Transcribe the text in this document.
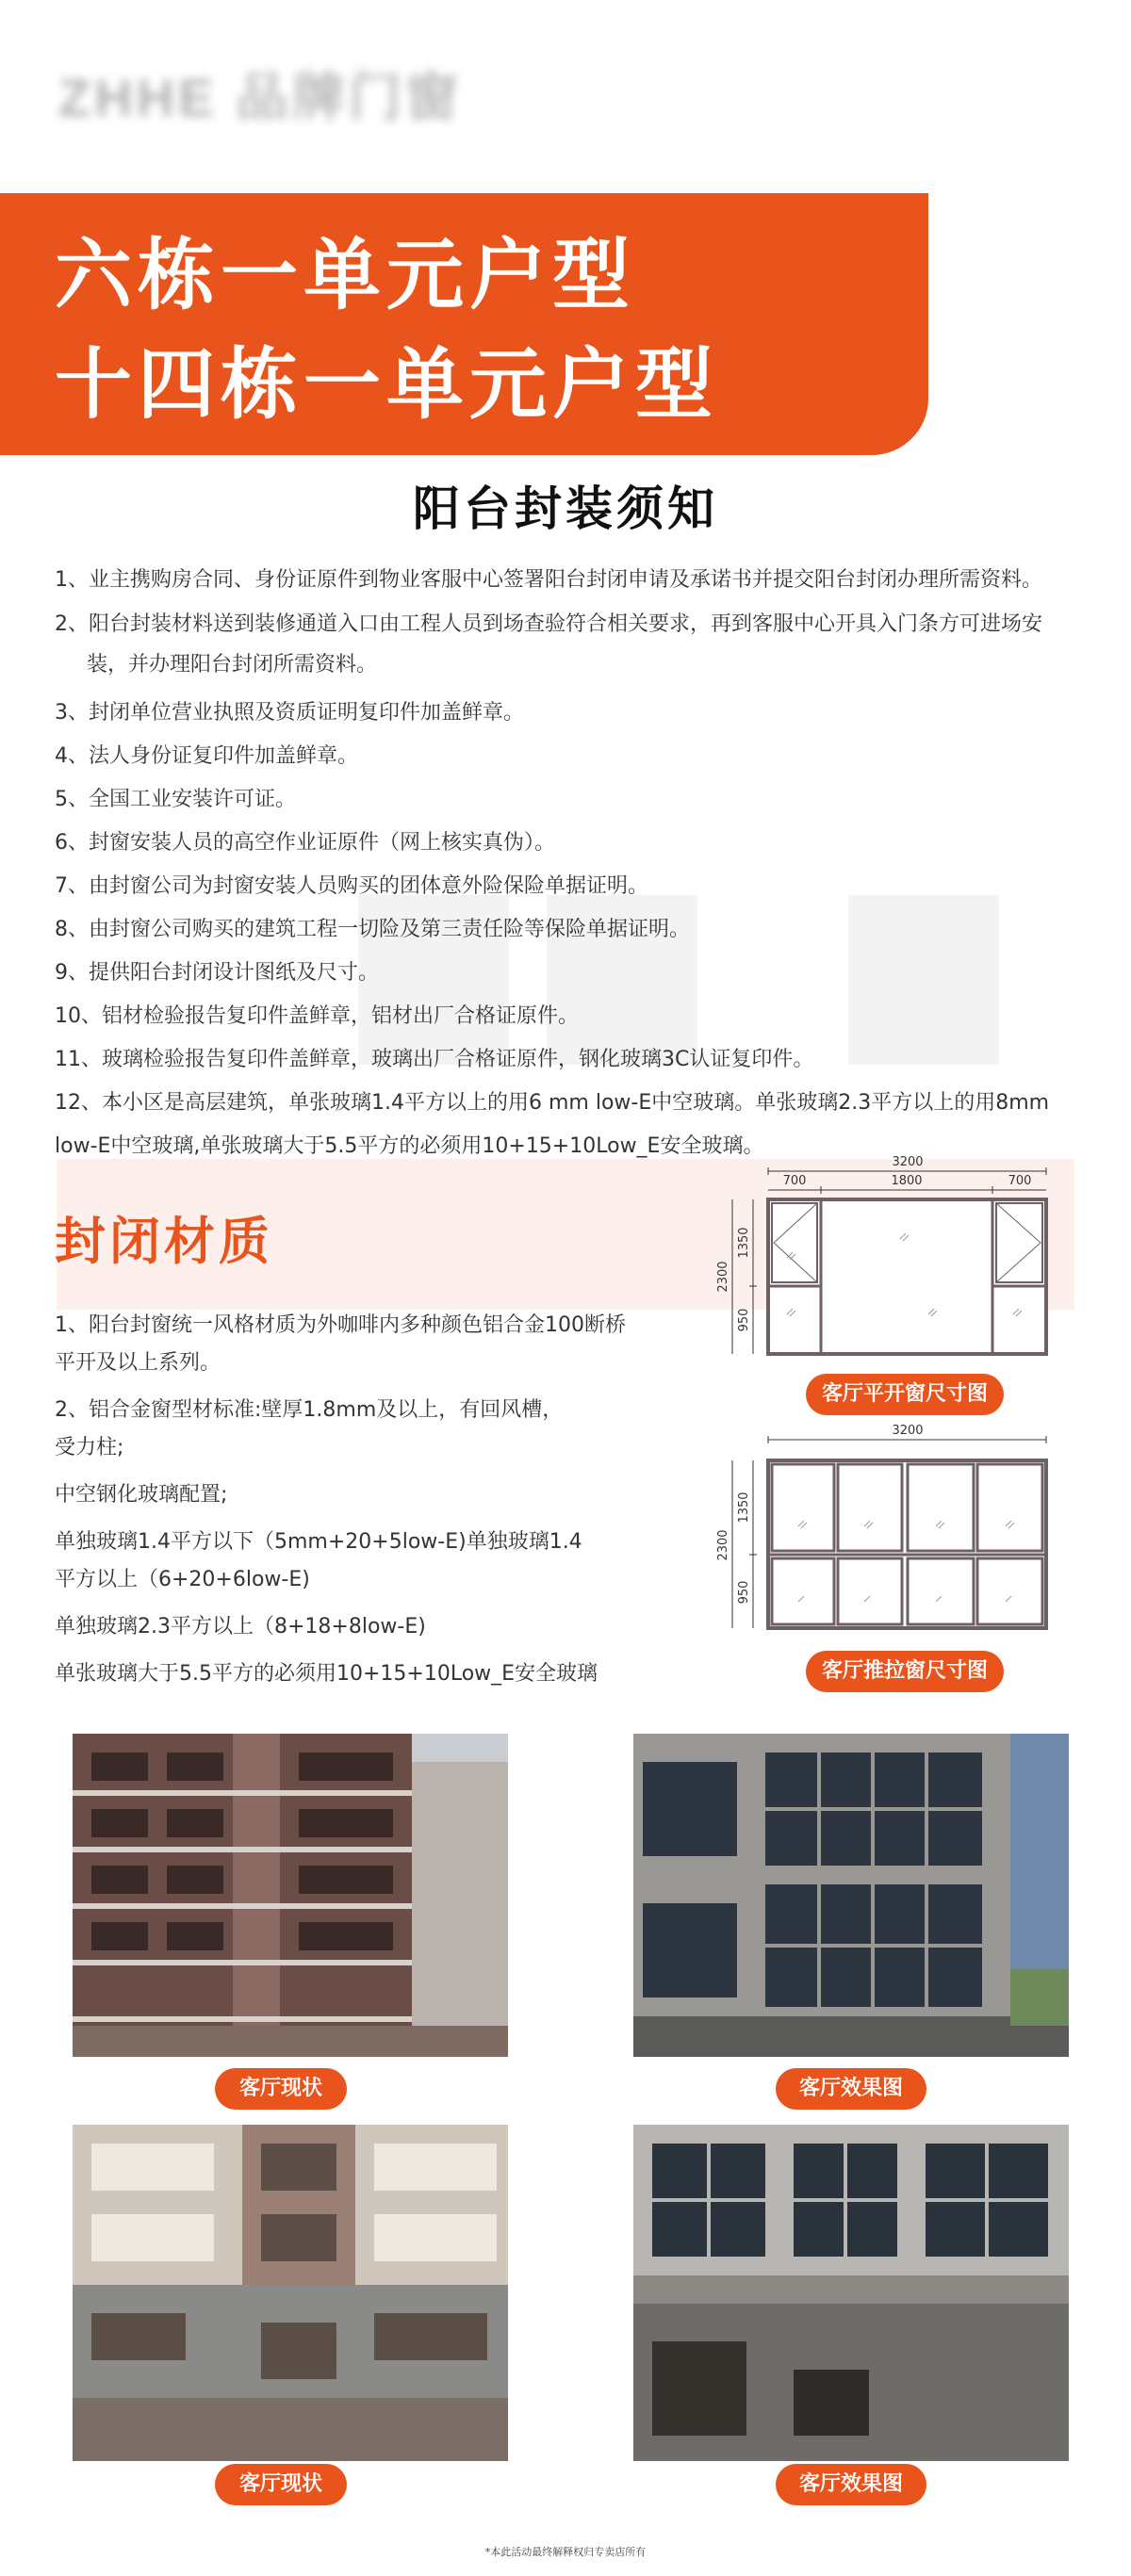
ZHHE 品牌门窗
六栋一单元户型
十四栋一单元户型
阳台封装须知
1、业主携购房合同、身份证原件到物业客服中心签署阳台封闭申请及承诺书并提交阳台封闭办理所需资料。
2、阳台封装材料送到装修通道入口由工程人员到场查验符合相关要求，再到客服中心开具入门条方可进场安
装，并办理阳台封闭所需资料。
3、封闭单位营业执照及资质证明复印件加盖鲜章。
4、法人身份证复印件加盖鲜章。
5、全国工业安装许可证。
6、封窗安装人员的高空作业证原件（网上核实真伪）。
7、由封窗公司为封窗安装人员购买的团体意外险保险单据证明。
8、由封窗公司购买的建筑工程一切险及第三责任险等保险单据证明。
9、提供阳台封闭设计图纸及尺寸。
10、铝材检验报告复印件盖鲜章，铝材出厂合格证原件。
11、玻璃检验报告复印件盖鲜章，玻璃出厂合格证原件，钢化玻璃3C认证复印件。
12、本小区是高层建筑，单张玻璃1.4平方以上的用6 mm low-E中空玻璃。单张玻璃2.3平方以上的用8mm
low-E中空玻璃,单张玻璃大于5.5平方的必须用10+15+10Low_E安全玻璃。
封闭材质
1、阳台封窗统一风格材质为外咖啡内多种颜色铝合金100断桥
平开及以上系列。
2、铝合金窗型材标准:壁厚1.8mm及以上，有回风槽，
受力柱;
中空钢化玻璃配置;
单独玻璃1.4平方以下（5mm+20+5low-E)单独玻璃1.4
平方以上（6+20+6low-E)
单独玻璃2.3平方以上（8+18+8low-E)
单张玻璃大于5.5平方的必须用10+15+10Low_E安全玻璃
3200
700	1800	700
2300
1350
950
客厅平开窗尺寸图
3200
2300
1350
950
客厅推拉窗尺寸图
客厅现状	客厅效果图
客厅现状	客厅效果图
*本此活动最终解释权归专卖店所有
